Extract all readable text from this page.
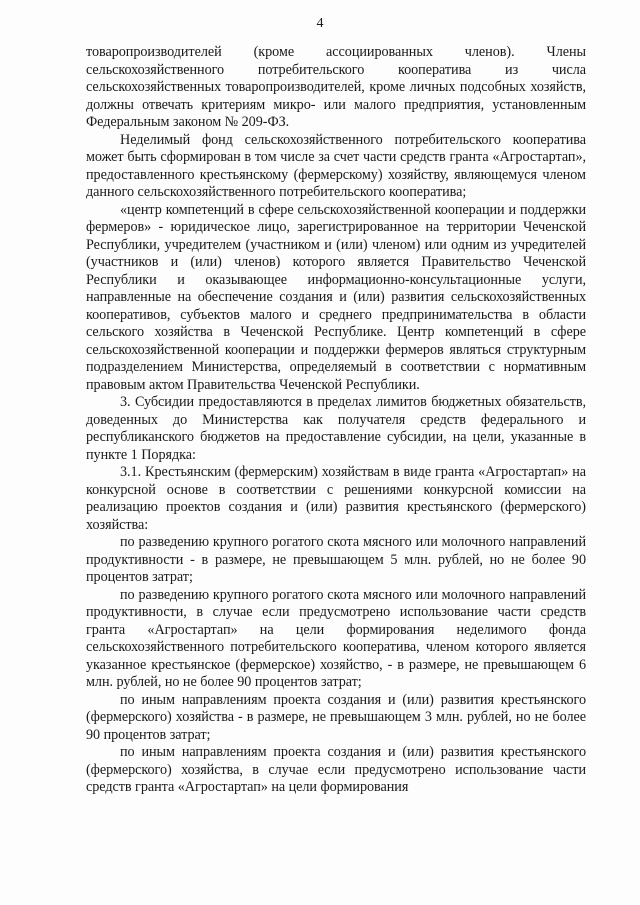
4

товаропроизводителей (кроме ассоциированных членов). Члены сельскохозяйственного потребительского кооператива из числа сельскохозяйственных товаропроизводителей, кроме личных подсобных хозяйств, должны отвечать критериям микро- или малого предприятия, установленным Федеральным законом № 209-ФЗ.

Неделимый фонд сельскохозяйственного потребительского кооператива может быть сформирован в том числе за счет части средств гранта «Агростартап», предоставленного крестьянскому (фермерскому) хозяйству, являющемуся членом данного сельскохозяйственного потребительского кооператива;

«центр компетенций в сфере сельскохозяйственной кооперации и поддержки фермеров» - юридическое лицо, зарегистрированное на территории Чеченской Республики, учредителем (участником и (или) членом) или одним из учредителей (участников и (или) членов) которого является Правительство Чеченской Республики и оказывающее информационно-консультационные услуги, направленные на обеспечение создания и (или) развития сельскохозяйственных кооперативов, субъектов малого и среднего предпринимательства в области сельского хозяйства в Чеченской Республике. Центр компетенций в сфере сельскохозяйственной кооперации и поддержки фермеров являться структурным подразделением Министерства, определяемый в соответствии с нормативным правовым актом Правительства Чеченской Республики.

3. Субсидии предоставляются в пределах лимитов бюджетных обязательств, доведенных до Министерства как получателя средств федерального и республиканского бюджетов на предоставление субсидии, на цели, указанные в пункте 1 Порядка:

3.1. Крестьянским (фермерским) хозяйствам в виде гранта «Агростартап» на конкурсной основе в соответствии с решениями конкурсной комиссии на реализацию проектов создания и (или) развития крестьянского (фермерского) хозяйства:

по разведению крупного рогатого скота мясного или молочного направлений продуктивности - в размере, не превышающем 5 млн. рублей, но не более 90 процентов затрат;

по разведению крупного рогатого скота мясного или молочного направлений продуктивности, в случае если предусмотрено использование части средств гранта «Агростартап» на цели формирования неделимого фонда сельскохозяйственного потребительского кооператива, членом которого является указанное крестьянское (фермерское) хозяйство, - в размере, не превышающем 6 млн. рублей, но не более 90 процентов затрат;

по иным направлениям проекта создания и (или) развития крестьянского (фермерского) хозяйства - в размере, не превышающем 3 млн. рублей, но не более 90 процентов затрат;

по иным направлениям проекта создания и (или) развития крестьянского (фермерского) хозяйства, в случае если предусмотрено использование части средств гранта «Агростартап» на цели формирования
